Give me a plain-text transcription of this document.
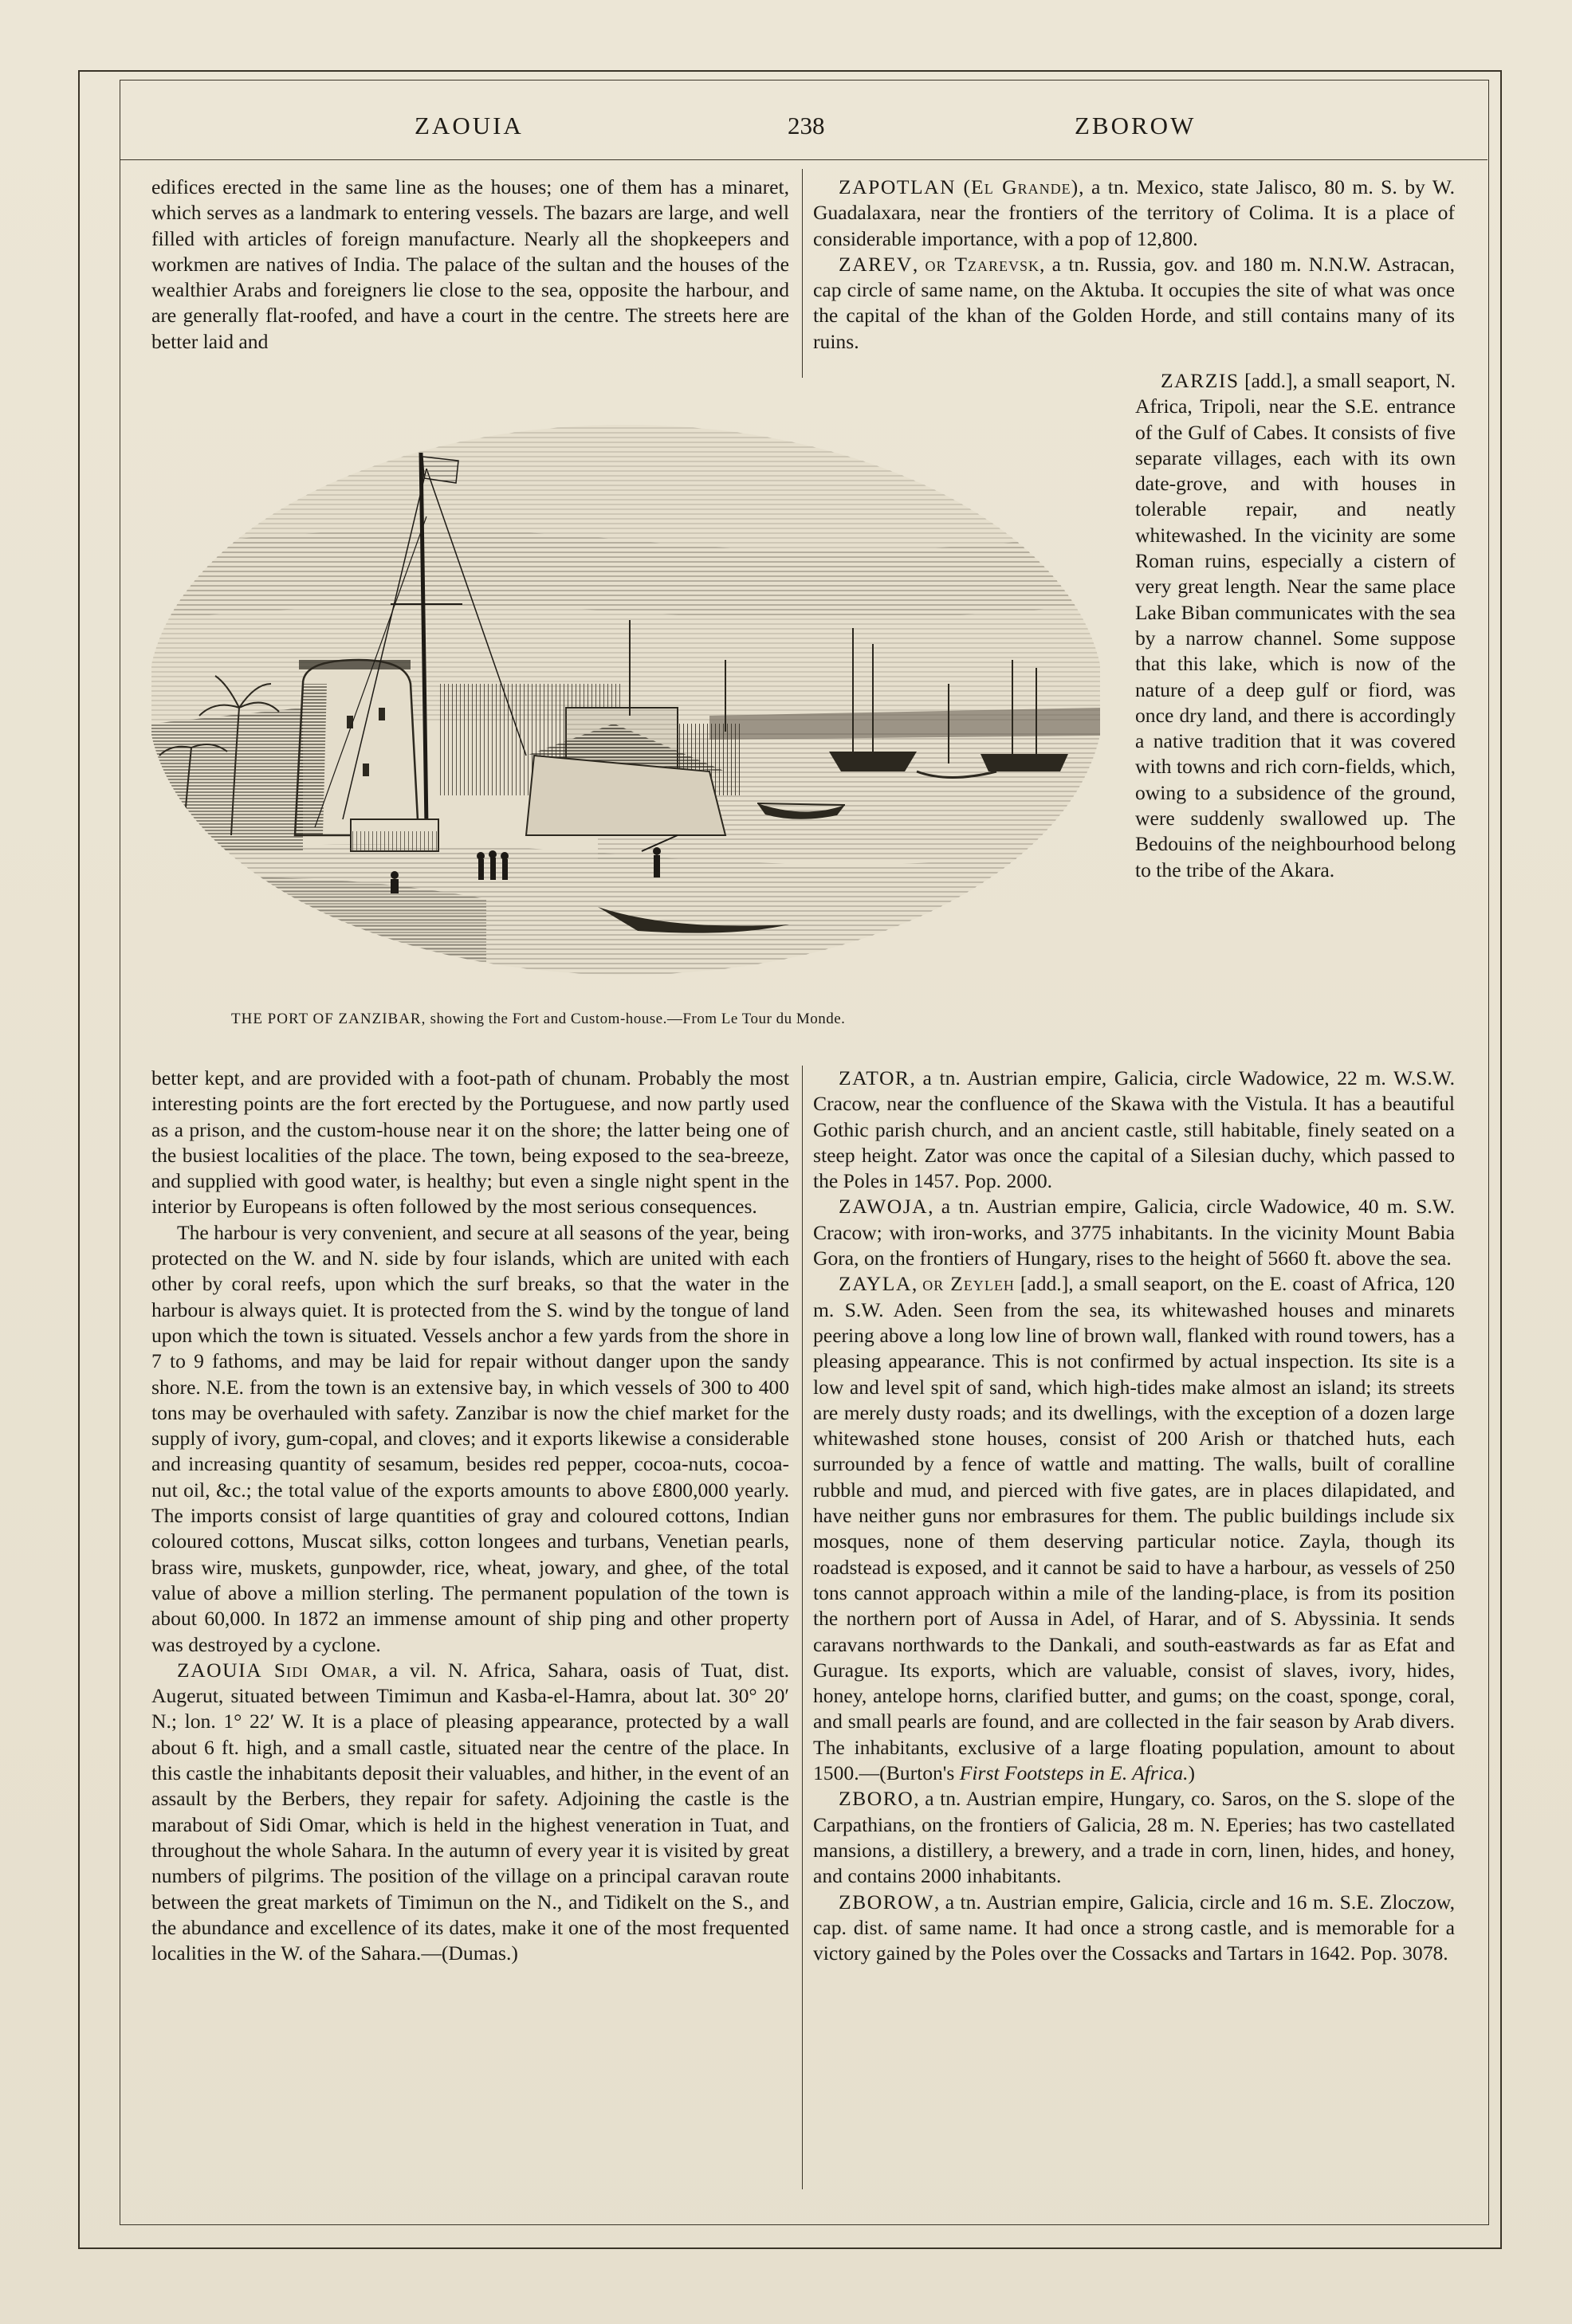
ZAOUIA	238	ZBOROW

edifices erected in the same line as the houses; one of them has a minaret, which serves as a landmark to entering vessels. The bazars are large, and well filled with articles of foreign manufacture. Nearly all the shopkeepers and workmen are natives of India. The palace of the sultan and the houses of the wealthier Arabs and foreigners lie close to the sea, opposite the harbour, and are generally flat-roofed, and have a court in the centre. The streets here are better laid and

ZAPOTLAN (El Grande), a tn. Mexico, state Jalisco, 80 m. S. by W. Guadalaxara, near the frontiers of the territory of Colima. It is a place of considerable importance, with a pop of 12,800.

ZAREV, or Tzarevsk, a tn. Russia, gov. and 180 m. N.N.W. Astracan, cap circle of same name, on the Aktuba. It occupies the site of what was once the capital of the khan of the Golden Horde, and still contains many of its ruins.

ZARZIS [add.], a small seaport, N. Africa, Tripoli, near the S.E. entrance of the Gulf of Cabes. It consists of five separate villages, each with its own date-grove, and with houses in tolerable repair, and neatly whitewashed. In the vicinity are some Roman ruins, especially a cistern of very great length. Near the same place Lake Biban communicates with the sea by a narrow channel. Some suppose that this lake, which is now of the nature of a deep gulf or fiord, was once dry land, and there is accordingly a native tradition that it was covered with towns and rich corn-fields, which, owing to a subsidence of the ground, were suddenly swallowed up. The Bedouins of the neighbourhood belong to the tribe of the Akara.

THE PORT OF ZANZIBAR, showing the Fort and Custom-house.—From Le Tour du Monde.

better kept, and are provided with a foot-path of chunam. Probably the most interesting points are the fort erected by the Portuguese, and now partly used as a prison, and the custom-house near it on the shore; the latter being one of the busiest localities of the place. The town, being exposed to the sea-breeze, and supplied with good water, is healthy; but even a single night spent in the interior by Europeans is often followed by the most serious consequences.

The harbour is very convenient, and secure at all seasons of the year, being protected on the W. and N. side by four islands, which are united with each other by coral reefs, upon which the surf breaks, so that the water in the harbour is always quiet. It is protected from the S. wind by the tongue of land upon which the town is situated. Vessels anchor a few yards from the shore in 7 to 9 fathoms, and may be laid for repair without danger upon the sandy shore. N.E. from the town is an extensive bay, in which vessels of 300 to 400 tons may be overhauled with safety. Zanzibar is now the chief market for the supply of ivory, gum-copal, and cloves; and it exports likewise a considerable and increasing quantity of sesamum, besides red pepper, cocoa-nuts, cocoa-nut oil, &c.; the total value of the exports amounts to above £800,000 yearly. The imports consist of large quantities of gray and coloured cottons, Indian coloured cottons, Muscat silks, cotton longees and turbans, Venetian pearls, brass wire, muskets, gunpowder, rice, wheat, jowary, and ghee, of the total value of above a million sterling. The permanent population of the town is about 60,000. In 1872 an immense amount of ship ping and other property was destroyed by a cyclone.

ZAOUIA Sidi Omar, a vil. N. Africa, Sahara, oasis of Tuat, dist. Augerut, situated between Timimun and Kasba-el-Hamra, about lat. 30° 20′ N.; lon. 1° 22′ W. It is a place of pleasing appearance, protected by a wall about 6 ft. high, and a small castle, situated near the centre of the place. In this castle the inhabitants deposit their valuables, and hither, in the event of an assault by the Berbers, they repair for safety. Adjoining the castle is the marabout of Sidi Omar, which is held in the highest veneration in Tuat, and throughout the whole Sahara. In the autumn of every year it is visited by great numbers of pilgrims. The position of the village on a principal caravan route between the great markets of Timimun on the N., and Tidikelt on the S., and the abundance and excellence of its dates, make it one of the most frequented localities in the W. of the Sahara.—(Dumas.)

ZATOR, a tn. Austrian empire, Galicia, circle Wadowice, 22 m. W.S.W. Cracow, near the confluence of the Skawa with the Vistula. It has a beautiful Gothic parish church, and an ancient castle, still habitable, finely seated on a steep height. Zator was once the capital of a Silesian duchy, which passed to the Poles in 1457. Pop. 2000.

ZAWOJA, a tn. Austrian empire, Galicia, circle Wadowice, 40 m. S.W. Cracow; with iron-works, and 3775 inhabitants. In the vicinity Mount Babia Gora, on the frontiers of Hungary, rises to the height of 5660 ft. above the sea.

ZAYLA, or Zeyleh [add.], a small seaport, on the E. coast of Africa, 120 m. S.W. Aden. Seen from the sea, its whitewashed houses and minarets peering above a long low line of brown wall, flanked with round towers, has a pleasing appearance. This is not confirmed by actual inspection. Its site is a low and level spit of sand, which high-tides make almost an island; its streets are merely dusty roads; and its dwellings, with the exception of a dozen large whitewashed stone houses, consist of 200 Arish or thatched huts, each surrounded by a fence of wattle and matting. The walls, built of coralline rubble and mud, and pierced with five gates, are in places dilapidated, and have neither guns nor embrasures for them. The public buildings include six mosques, none of them deserving particular notice. Zayla, though its roadstead is exposed, and it cannot be said to have a harbour, as vessels of 250 tons cannot approach within a mile of the landing-place, is from its position the northern port of Aussa in Adel, of Harar, and of S. Abyssinia. It sends caravans northwards to the Dankali, and south-eastwards as far as Efat and Gurague. Its exports, which are valuable, consist of slaves, ivory, hides, honey, antelope horns, clarified butter, and gums; on the coast, sponge, coral, and small pearls are found, and are collected in the fair season by Arab divers. The inhabitants, exclusive of a large floating population, amount to about 1500.—(Burton's First Footsteps in E. Africa.)

ZBORO, a tn. Austrian empire, Hungary, co. Saros, on the S. slope of the Carpathians, on the frontiers of Galicia, 28 m. N. Eperies; has two castellated mansions, a distillery, a brewery, and a trade in corn, linen, hides, and honey, and contains 2000 inhabitants.

ZBOROW, a tn. Austrian empire, Galicia, circle and 16 m. S.E. Zloczow, cap. dist. of same name. It had once a strong castle, and is memorable for a victory gained by the Poles over the Cossacks and Tartars in 1642. Pop. 3078.
